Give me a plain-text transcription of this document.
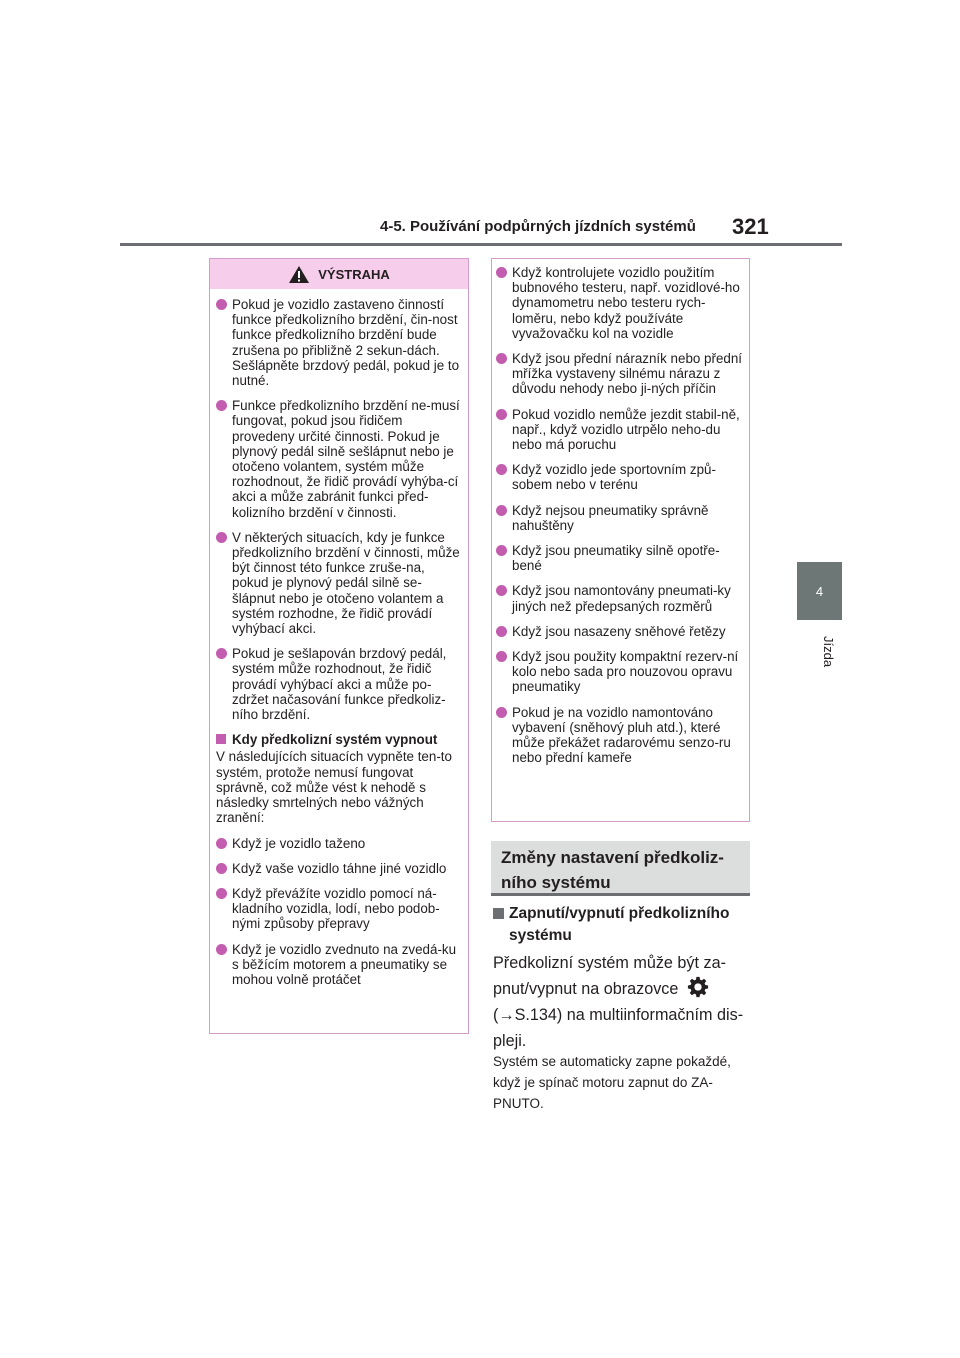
4-5. Používání podpůrných jízdních systémů 321
4
Jízda
VÝSTRAHA
Pokud je vozidlo zastaveno činností funkce předkolizního brzdění, čin-nost funkce předkolizního brzdění bude zrušena po přibližně 2 sekun-dách. Sešlápněte brzdový pedál, pokud je to nutné.
Funkce předkolizního brzdění ne-musí fungovat, pokud jsou řidičem provedeny určité činnosti. Pokud je plynový pedál silně sešlápnut nebo je otočeno volantem, systém může rozhodnout, že řidič provádí vyhýba-cí akci a může zabránit funkci před-kolizního brzdění v činnosti.
V některých situacích, kdy je funkce předkolizního brzdění v činnosti, může být činnost této funkce zruše-na, pokud je plynový pedál silně se-šlápnut nebo je otočeno volantem a systém rozhodne, že řidič provádí vyhýbací akci.
Pokud je sešlapován brzdový pedál, systém může rozhodnout, že řidič provádí vyhýbací akci a může po-zdržet načasování funkce předkoliz-ního brzdění.
Kdy předkolizní systém vypnout
V následujících situacích vypněte ten-to systém, protože nemusí fungovat správně, což může vést k nehodě s následky smrtelných nebo vážných zranění:
Když je vozidlo taženo
Když vaše vozidlo táhne jiné vozidlo
Když převážíte vozidlo pomocí ná-kladního vozidla, lodí, nebo podob-nými způsoby přepravy
Když je vozidlo zvednuto na zvedá-ku s běžícím motorem a pneumatiky se mohou volně protáčet
Když kontrolujete vozidlo použitím bubnového testeru, např. vozidlové-ho dynamometru nebo testeru rych-loměru, nebo když používáte vyvažovačku kol na vozidle
Když jsou přední nárazník nebo přední mřížka vystaveny silnému nárazu z důvodu nehody nebo ji-ných příčin
Pokud vozidlo nemůže jezdit stabil-ně, např., když vozidlo utrpělo neho-du nebo má poruchu
Když vozidlo jede sportovním způ-sobem nebo v terénu
Když nejsou pneumatiky správně nahuštěny
Když jsou pneumatiky silně opotře-bené
Když jsou namontovány pneumati-ky jiných než předepsaných rozměrů
Když jsou nasazeny sněhové řetězy
Když jsou použity kompaktní rezerv-ní kolo nebo sada pro nouzovou opravu pneumatiky
Pokud je na vozidlo namontováno vybavení (sněhový pluh atd.), které může překážet radarovému senzo-ru nebo přední kameře
Změny nastavení předkoliz-ního systému
Zapnutí/vypnutí předkolizního systému
Předkolizní systém může být za-pnut/vypnut na obrazovce
(→S.134) na multiinformačním dis-pleji.
Systém se automaticky zapne pokaždé, když je spínač motoru zapnut do ZA-PNUTO.
